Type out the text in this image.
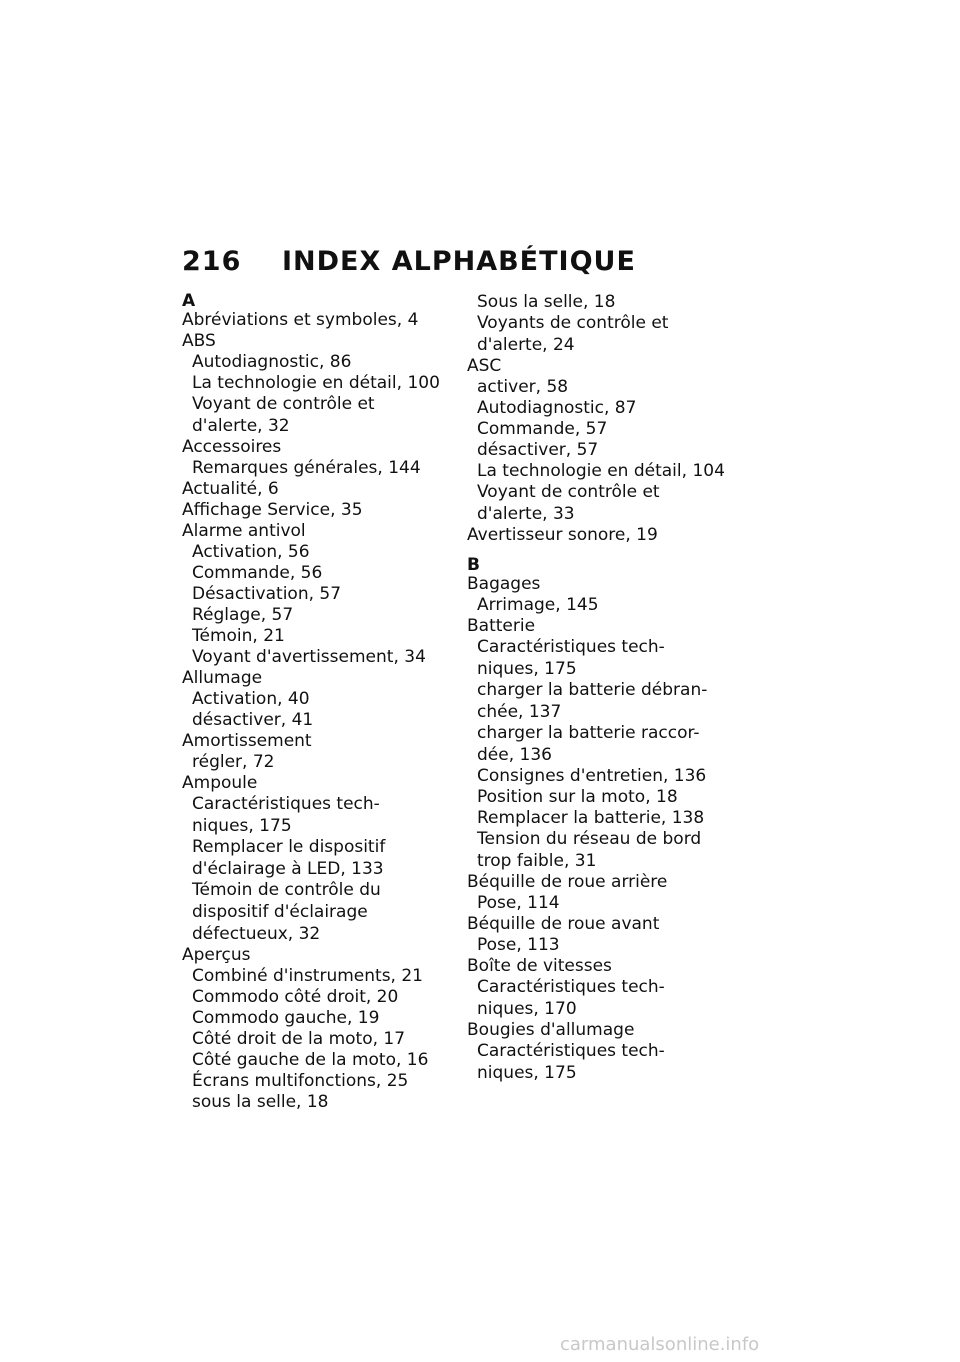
216 INDEX ALPHABÉTIQUE
A
Abréviations et symboles, 4
ABS
Autodiagnostic, 86
La technologie en détail, 100
Voyant de contrôle et
d'alerte, 32
Accessoires
Remarques générales, 144
Actualité, 6
Affichage Service, 35
Alarme antivol
Activation, 56
Commande, 56
Désactivation, 57
Réglage, 57
Témoin, 21
Voyant d'avertissement, 34
Allumage
Activation, 40
désactiver, 41
Amortissement
régler, 72
Ampoule
Caractéristiques tech-
niques, 175
Remplacer le dispositif
d'éclairage à LED, 133
Témoin de contrôle du
dispositif d'éclairage
défectueux, 32
Aperçus
Combiné d'instruments, 21
Commodo côté droit, 20
Commodo gauche, 19
Côté droit de la moto, 17
Côté gauche de la moto, 16
Écrans multifonctions, 25
sous la selle, 18
Sous la selle, 18
Voyants de contrôle et
d'alerte, 24
ASC
activer, 58
Autodiagnostic, 87
Commande, 57
désactiver, 57
La technologie en détail, 104
Voyant de contrôle et
d'alerte, 33
Avertisseur sonore, 19
B
Bagages
Arrimage, 145
Batterie
Caractéristiques tech-
niques, 175
charger la batterie débran-
chée, 137
charger la batterie raccor-
dée, 136
Consignes d'entretien, 136
Position sur la moto, 18
Remplacer la batterie, 138
Tension du réseau de bord
trop faible, 31
Béquille de roue arrière
Pose, 114
Béquille de roue avant
Pose, 113
Boîte de vitesses
Caractéristiques tech-
niques, 170
Bougies d'allumage
Caractéristiques tech-
niques, 175
carmanualsonline.info
